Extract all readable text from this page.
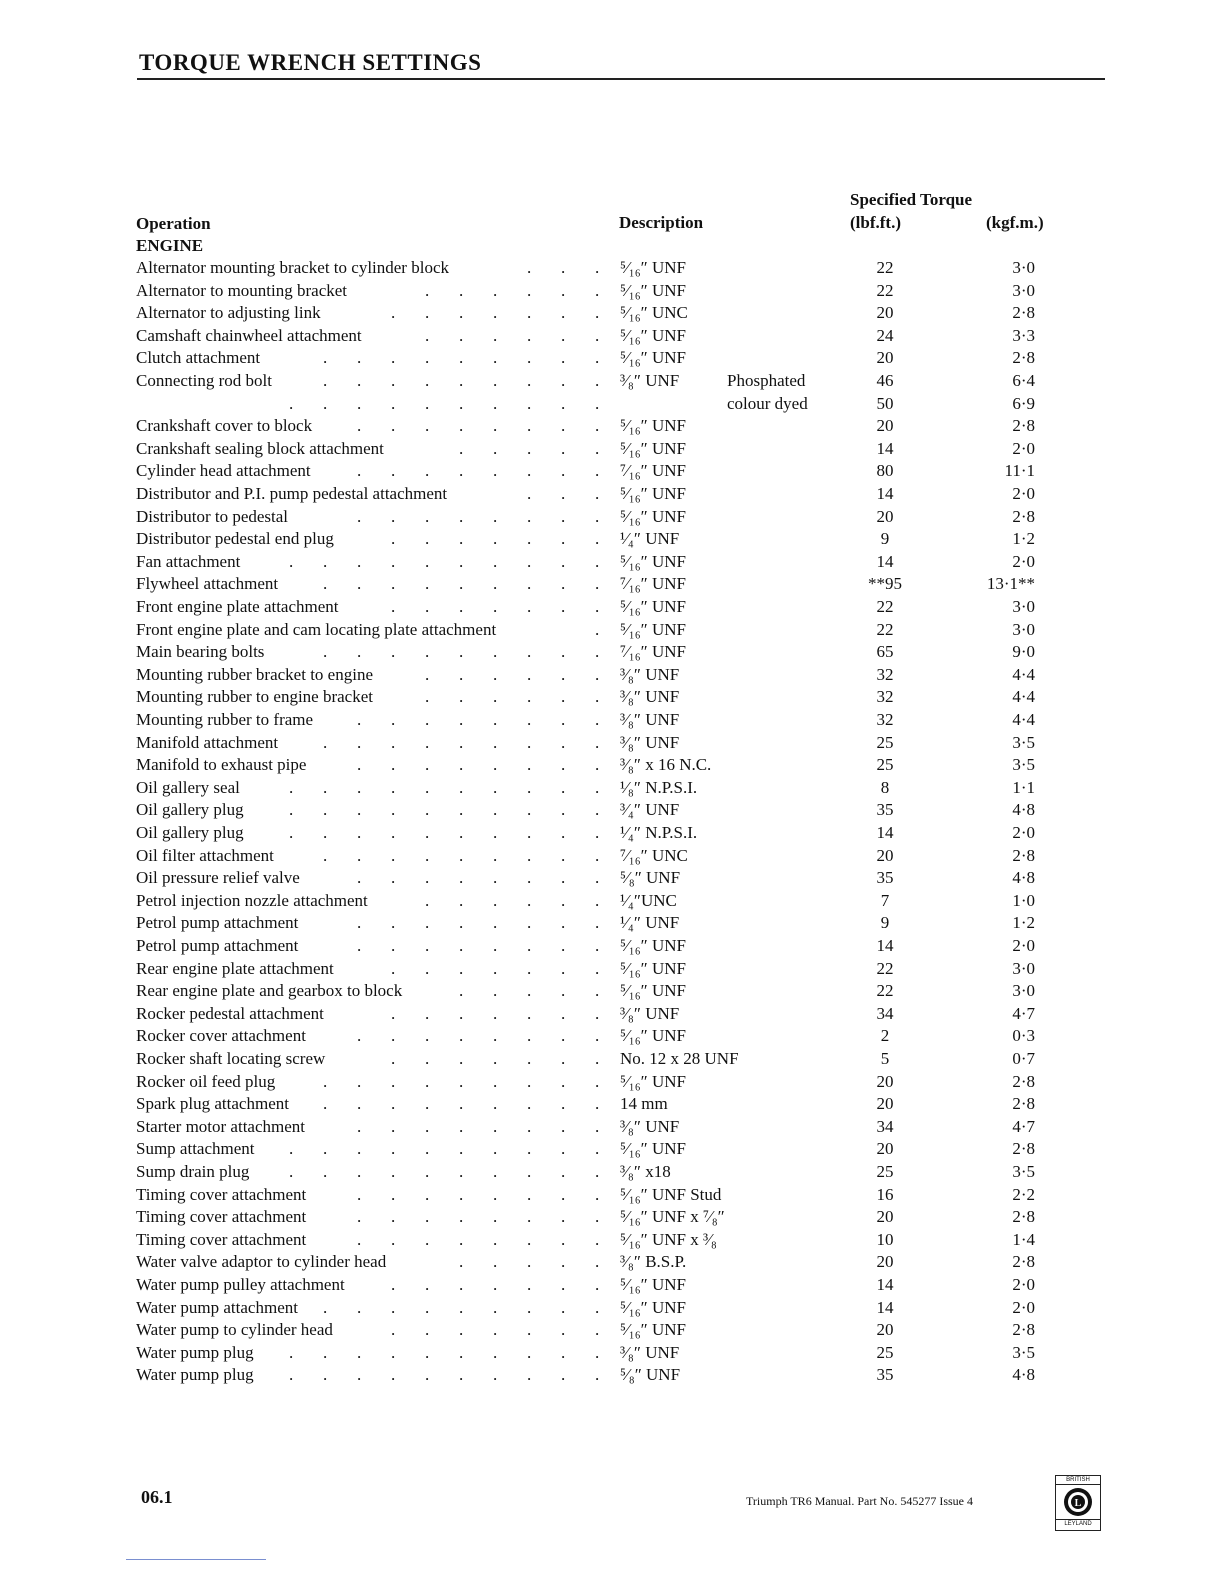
TORQUE WRENCH SETTINGS
Specified Torque
Operation	Description	(lbf.ft.)	(kgf.m.)
ENGINE
.
.
.
Alternator mounting bracket to cylinder block	⁵⁄₁₆″ UNF	22	3·0
.
.
.
.
.
.
Alternator to mounting bracket	⁵⁄₁₆″ UNF	22	3·0
.
.
.
.
.
.
.
Alternator to adjusting link	⁵⁄₁₆″ UNC	20	2·8
.
.
.
.
.
.
Camshaft chainwheel attachment	⁵⁄₁₆″ UNF	24	3·3
.
.
.
.
.
.
.
.
.
Clutch attachment	⁵⁄₁₆″ UNF	20	2·8
.
.
.
.
.
.
.
.
.
Connecting rod bolt	³⁄₈″ UNF	Phosphated	46	6·4
.
.
.
.
.
.
.
.
.
.	colour dyed	50	6·9
.
.
.
.
.
.
.
.
Crankshaft cover to block	⁵⁄₁₆″ UNF	20	2·8
.
.
.
.
.
Crankshaft sealing block attachment	⁵⁄₁₆″ UNF	14	2·0
.
.
.
.
.
.
.
.
Cylinder head attachment	⁷⁄₁₆″ UNF	80	11·1
.
.
.
Distributor and P.I. pump pedestal attachment	⁵⁄₁₆″ UNF	14	2·0
.
.
.
.
.
.
.
.
Distributor to pedestal	⁵⁄₁₆″ UNF	20	2·8
.
.
.
.
.
.
.
Distributor pedestal end plug	¹⁄₄″ UNF	9	1·2
.
.
.
.
.
.
.
.
.
.
Fan attachment	⁵⁄₁₆″ UNF	14	2·0
.
.
.
.
.
.
.
.
.
Flywheel attachment	⁷⁄₁₆″ UNF	**95	13·1**
.
.
.
.
.
.
.
Front engine plate attachment	⁵⁄₁₆″ UNF	22	3·0
.
Front engine plate and cam locating plate attachment	⁵⁄₁₆″ UNF	22	3·0
.
.
.
.
.
.
.
.
.
Main bearing bolts	⁷⁄₁₆″ UNF	65	9·0
.
.
.
.
.
.
Mounting rubber bracket to engine	³⁄₈″ UNF	32	4·4
.
.
.
.
.
.
Mounting rubber to engine bracket	³⁄₈″ UNF	32	4·4
.
.
.
.
.
.
.
.
Mounting rubber to frame	³⁄₈″ UNF	32	4·4
.
.
.
.
.
.
.
.
.
Manifold attachment	³⁄₈″ UNF	25	3·5
.
.
.
.
.
.
.
.
Manifold to exhaust pipe	³⁄₈″ x 16 N.C.	25	3·5
.
.
.
.
.
.
.
.
.
.
Oil gallery seal	¹⁄₈″ N.P.S.I.	8	1·1
.
.
.
.
.
.
.
.
.
.
Oil gallery plug	³⁄₄″ UNF	35	4·8
.
.
.
.
.
.
.
.
.
.
Oil gallery plug	¹⁄₄″ N.P.S.I.	14	2·0
.
.
.
.
.
.
.
.
.
Oil filter attachment	⁷⁄₁₆″ UNC	20	2·8
.
.
.
.
.
.
.
.
Oil pressure relief valve	⁵⁄₈″ UNF	35	4·8
.
.
.
.
.
.
Petrol injection nozzle attachment	¹⁄₄″UNC	7	1·0
.
.
.
.
.
.
.
.
Petrol pump attachment	¹⁄₄″ UNF	9	1·2
.
.
.
.
.
.
.
.
Petrol pump attachment	⁵⁄₁₆″ UNF	14	2·0
.
.
.
.
.
.
.
Rear engine plate attachment	⁵⁄₁₆″ UNF	22	3·0
.
.
.
.
.
Rear engine plate and gearbox to block	⁵⁄₁₆″ UNF	22	3·0
.
.
.
.
.
.
.
Rocker pedestal attachment	³⁄₈″ UNF	34	4·7
.
.
.
.
.
.
.
.
Rocker cover attachment	⁵⁄₁₆″ UNF	2	0·3
.
.
.
.
.
.
.
Rocker shaft locating screw	No. 12 x 28 UNF	5	0·7
.
.
.
.
.
.
.
.
.
Rocker oil feed plug	⁵⁄₁₆″ UNF	20	2·8
.
.
.
.
.
.
.
.
.
Spark plug attachment	14 mm	20	2·8
.
.
.
.
.
.
.
.
Starter motor attachment	³⁄₈″ UNF	34	4·7
.
.
.
.
.
.
.
.
.
.
Sump attachment	⁵⁄₁₆″ UNF	20	2·8
.
.
.
.
.
.
.
.
.
.
Sump drain plug	³⁄₈″ x18	25	3·5
.
.
.
.
.
.
.
.
Timing cover attachment	⁵⁄₁₆″ UNF Stud	16	2·2
.
.
.
.
.
.
.
.
Timing cover attachment	⁵⁄₁₆″ UNF x ⁷⁄₈″	20	2·8
.
.
.
.
.
.
.
.
Timing cover attachment	⁵⁄₁₆″ UNF x ³⁄₈	10	1·4
.
.
.
.
.
Water valve adaptor to cylinder head	³⁄₈″ B.S.P.	20	2·8
.
.
.
.
.
.
.
Water pump pulley attachment	⁵⁄₁₆″ UNF	14	2·0
.
.
.
.
.
.
.
.
.
Water pump attachment	⁵⁄₁₆″ UNF	14	2·0
.
.
.
.
.
.
.
Water pump to cylinder head	⁵⁄₁₆″ UNF	20	2·8
.
.
.
.
.
.
.
.
.
.
Water pump plug	³⁄₈″ UNF	25	3·5
.
.
.
.
.
.
.
.
.
.
Water pump plug	⁵⁄₈″ UNF	35	4·8
06.1	Triumph TR6 Manual. Part No. 545277 Issue 4
BRITISH
L
LEYLAND
